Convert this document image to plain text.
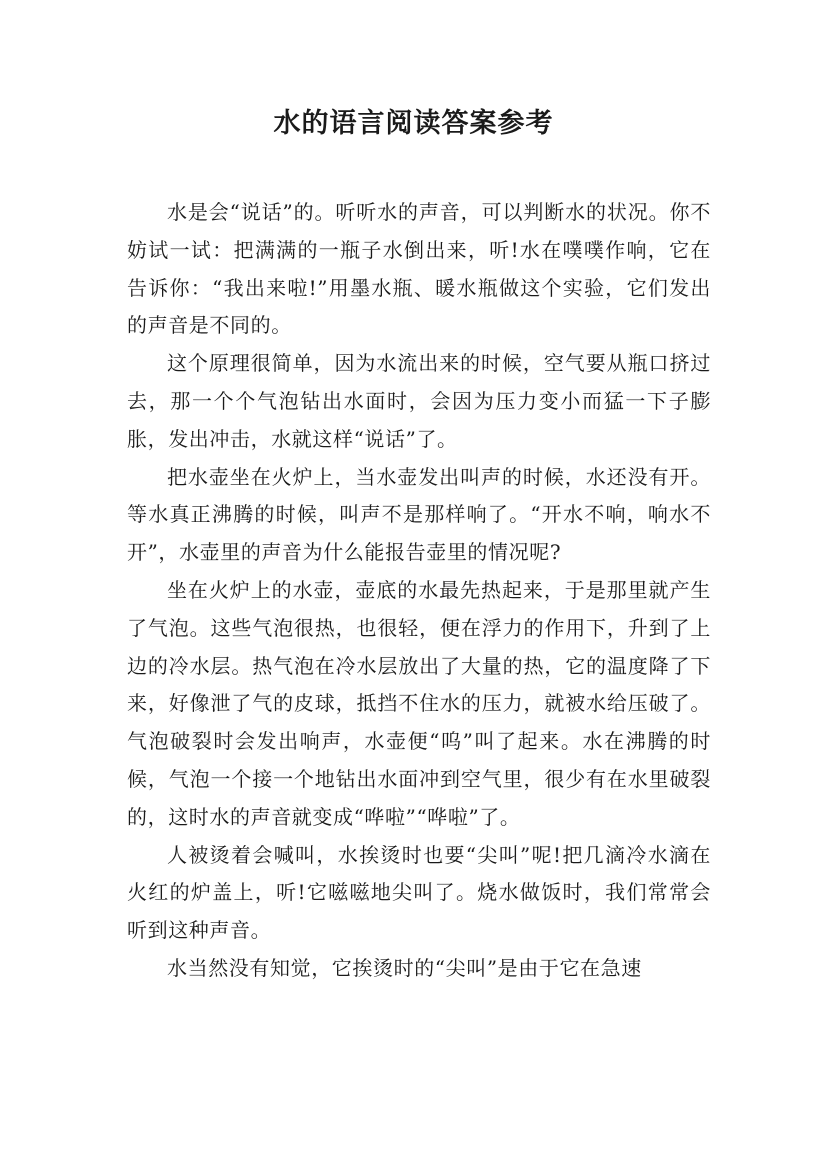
水的语言阅读答案参考

水是会“说话”的。听听水的声音，可以判断水的状况。你不妨试一试：把满满的一瓶子水倒出来，听!水在噗噗作响，它在告诉你：“我出来啦!”用墨水瓶、暖水瓶做这个实验，它们发出的声音是不同的。

这个原理很简单，因为水流出来的时候，空气要从瓶口挤过去，那一个个气泡钻出水面时，会因为压力变小而猛一下子膨胀，发出冲击，水就这样“说话”了。

把水壶坐在火炉上，当水壶发出叫声的时候，水还没有开。等水真正沸腾的时候，叫声不是那样响了。“开水不响，响水不开”，水壶里的声音为什么能报告壶里的情况呢?

坐在火炉上的水壶，壶底的水最先热起来，于是那里就产生了气泡。这些气泡很热，也很轻，便在浮力的作用下，升到了上边的冷水层。热气泡在冷水层放出了大量的热，它的温度降了下来，好像泄了气的皮球，抵挡不住水的压力，就被水给压破了。气泡破裂时会发出响声，水壶便“呜”叫了起来。水在沸腾的时候，气泡一个接一个地钻出水面冲到空气里，很少有在水里破裂的，这时水的声音就变成“哗啦”“哗啦”了。

人被烫着会喊叫，水挨烫时也要“尖叫”呢!把几滴冷水滴在火红的炉盖上，听!它嗞嗞地尖叫了。烧水做饭时，我们常常会听到这种声音。

水当然没有知觉，它挨烫时的“尖叫”是由于它在急速
